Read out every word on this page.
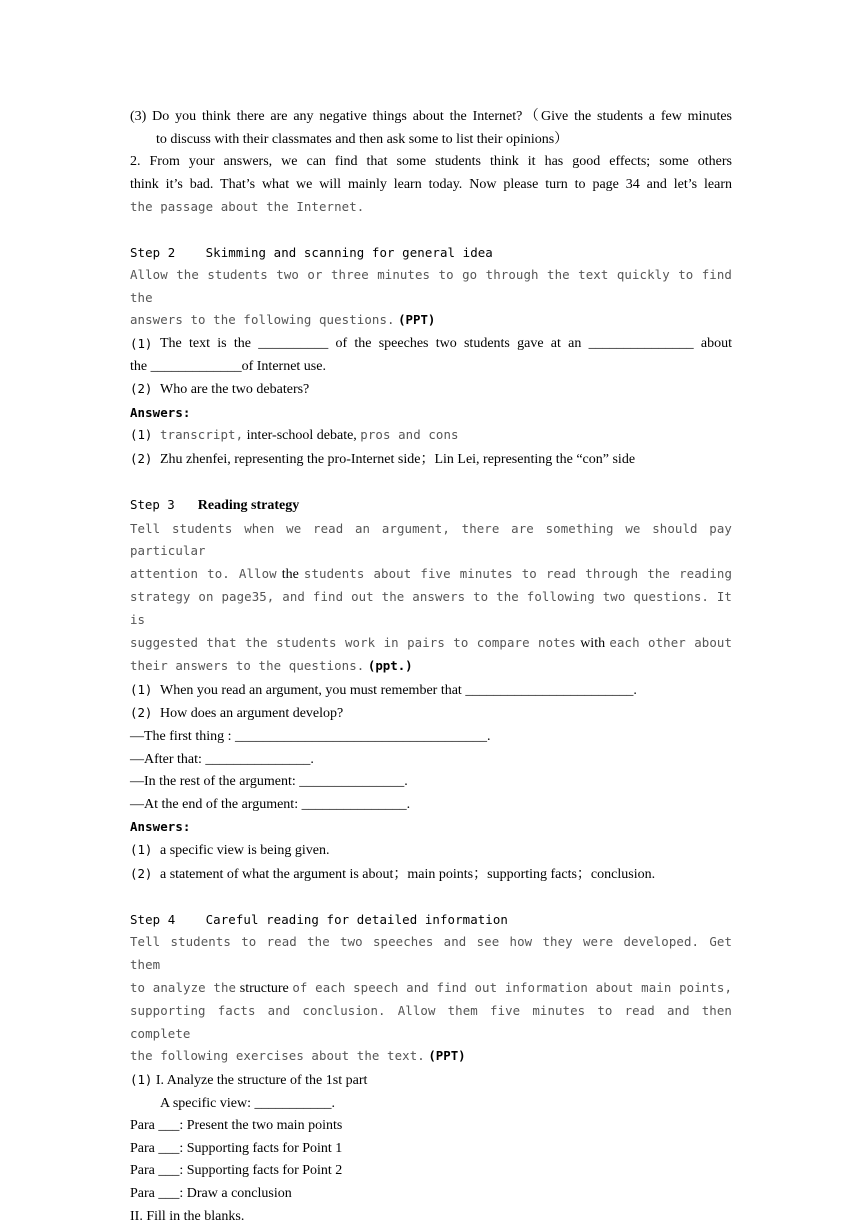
(3) Do you think there are any negative things about the Internet?（Give the students a few minutes
to discuss with their classmates and then ask some to list their opinions）
2. From your answers, we can find that some students think it has good effects; some others
think it’s bad. That’s what we will mainly learn today. Now please turn to page 34 and let’s learn
the passage about the Internet.
Step 2    Skimming and scanning for general idea
Allow the students two or three minutes to go through the text quickly to find the
answers to the following questions. (PPT)
(1) The text is the __________ of the speeches two students gave at an _______________ about
the _____________of Internet use.
(2) Who are the two debaters?
Answers:
(1) transcript, inter-school debate, pros and cons
(2) Zhu zhenfei, representing the pro-Internet side；Lin Lei, representing the “con” side
Step 3 Reading strategy
Tell students when we read an argument, there are something we should pay particular
attention to. Allow the students about five minutes to read through the reading
strategy on page35, and find out the answers to the following two questions. It is
suggested that the students work in pairs to compare notes with each other about
their answers to the questions. (ppt.)
(1) When you read an argument, you must remember that ________________________.
(2) How does an argument develop?
—The first thing : ____________________________________.
—After that: _______________.
—In the rest of the argument: _______________.
—At the end of the argument: _______________.
Answers:
(1) a specific view is being given.
(2) a statement of what the argument is about；main points；supporting facts；conclusion.
Step 4    Careful reading for detailed information
Tell students to read the two speeches and see how they were developed. Get them
to analyze the structure of each speech and find out information about main points,
supporting facts and conclusion. Allow them five minutes to read and then complete
the following exercises about the text. (PPT)
(1) I. Analyze the structure of the 1st part
A specific view: ___________.
Para ___: Present the two main points
Para ___: Supporting facts for Point 1
Para ___: Supporting facts for Point 2
Para ___: Draw a conclusion
II. Fill in the blanks.
